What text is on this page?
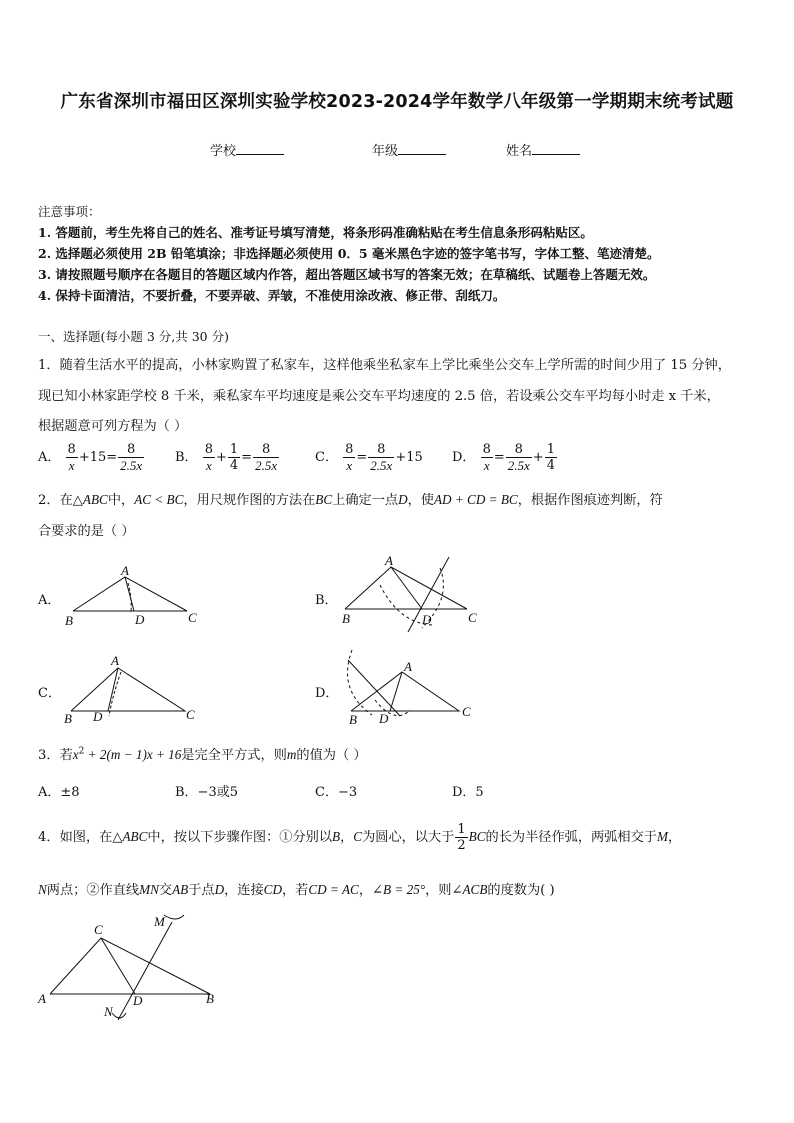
广东省深圳市福田区深圳实验学校2023-2024学年数学八年级第一学期期末统考试题
学校	年级	姓名
注意事项：
1. 答题前，考生先将自己的姓名、准考证号填写清楚，将条形码准确粘贴在考生信息条形码粘贴区。
2. 选择题必须使用 2B 铅笔填涂；非选择题必须使用 0．5 毫米黑色字迹的签字笔书写，字体工整、笔迹清楚。
3. 请按照题号顺序在各题目的答题区域内作答，超出答题区域书写的答案无效；在草稿纸、试题卷上答题无效。
4. 保持卡面清洁，不要折叠，不要弄破、弄皱，不准使用涂改液、修正带、刮纸刀。
一、选择题(每小题 3 分,共 30 分)
1．随着生活水平的提高，小林家购置了私家车，这样他乘坐私家车上学比乘坐公交车上学所需的时间少用了 15 分钟，
现已知小林家距学校 8 千米，乘私家车平均速度是乘公交车平均速度的 2.5 倍，若设乘公交车平均每小时走 x 千米，
根据题意可列方程为（ ）
A． $\frac{8}{x} +15= \frac{8}{2.5x}$ B． $\frac{8}{x} + \frac{1}{4} = \frac{8}{2.5x}$	C． $\frac{8}{x} = \frac{8}{2.5x} +15$ D． $\frac{8}{x} = \frac{8}{2.5x} + \frac{1}{4}$
2．在△ABC中，AC < BC，用尺规作图的方法在BC上确定一点D，使AD + CD = BC，根据作图痕迹判断，符
合要求的是（ ）
A．	B．
C．	D．
A
B	D	C
A
B	D	C
A
B D	C
A
B D	C
C
M
A	D	B
N
3．若$x^2 + 2(m - 1)x + 16$是完全平方式，则m的值为（ ）
A．±8	B．−3或5	C．−3	D．5
4．如图，在△ABC中，按以下步骤作图：①分别以B，C为圆心，以大于 $\frac{1}{2}$ BC的长为半径作弧，两弧相交于M，
N两点；②作直线MN交AB于点D，连接CD，若CD = AC，∠B = 25°，则∠ACB的度数为( )
